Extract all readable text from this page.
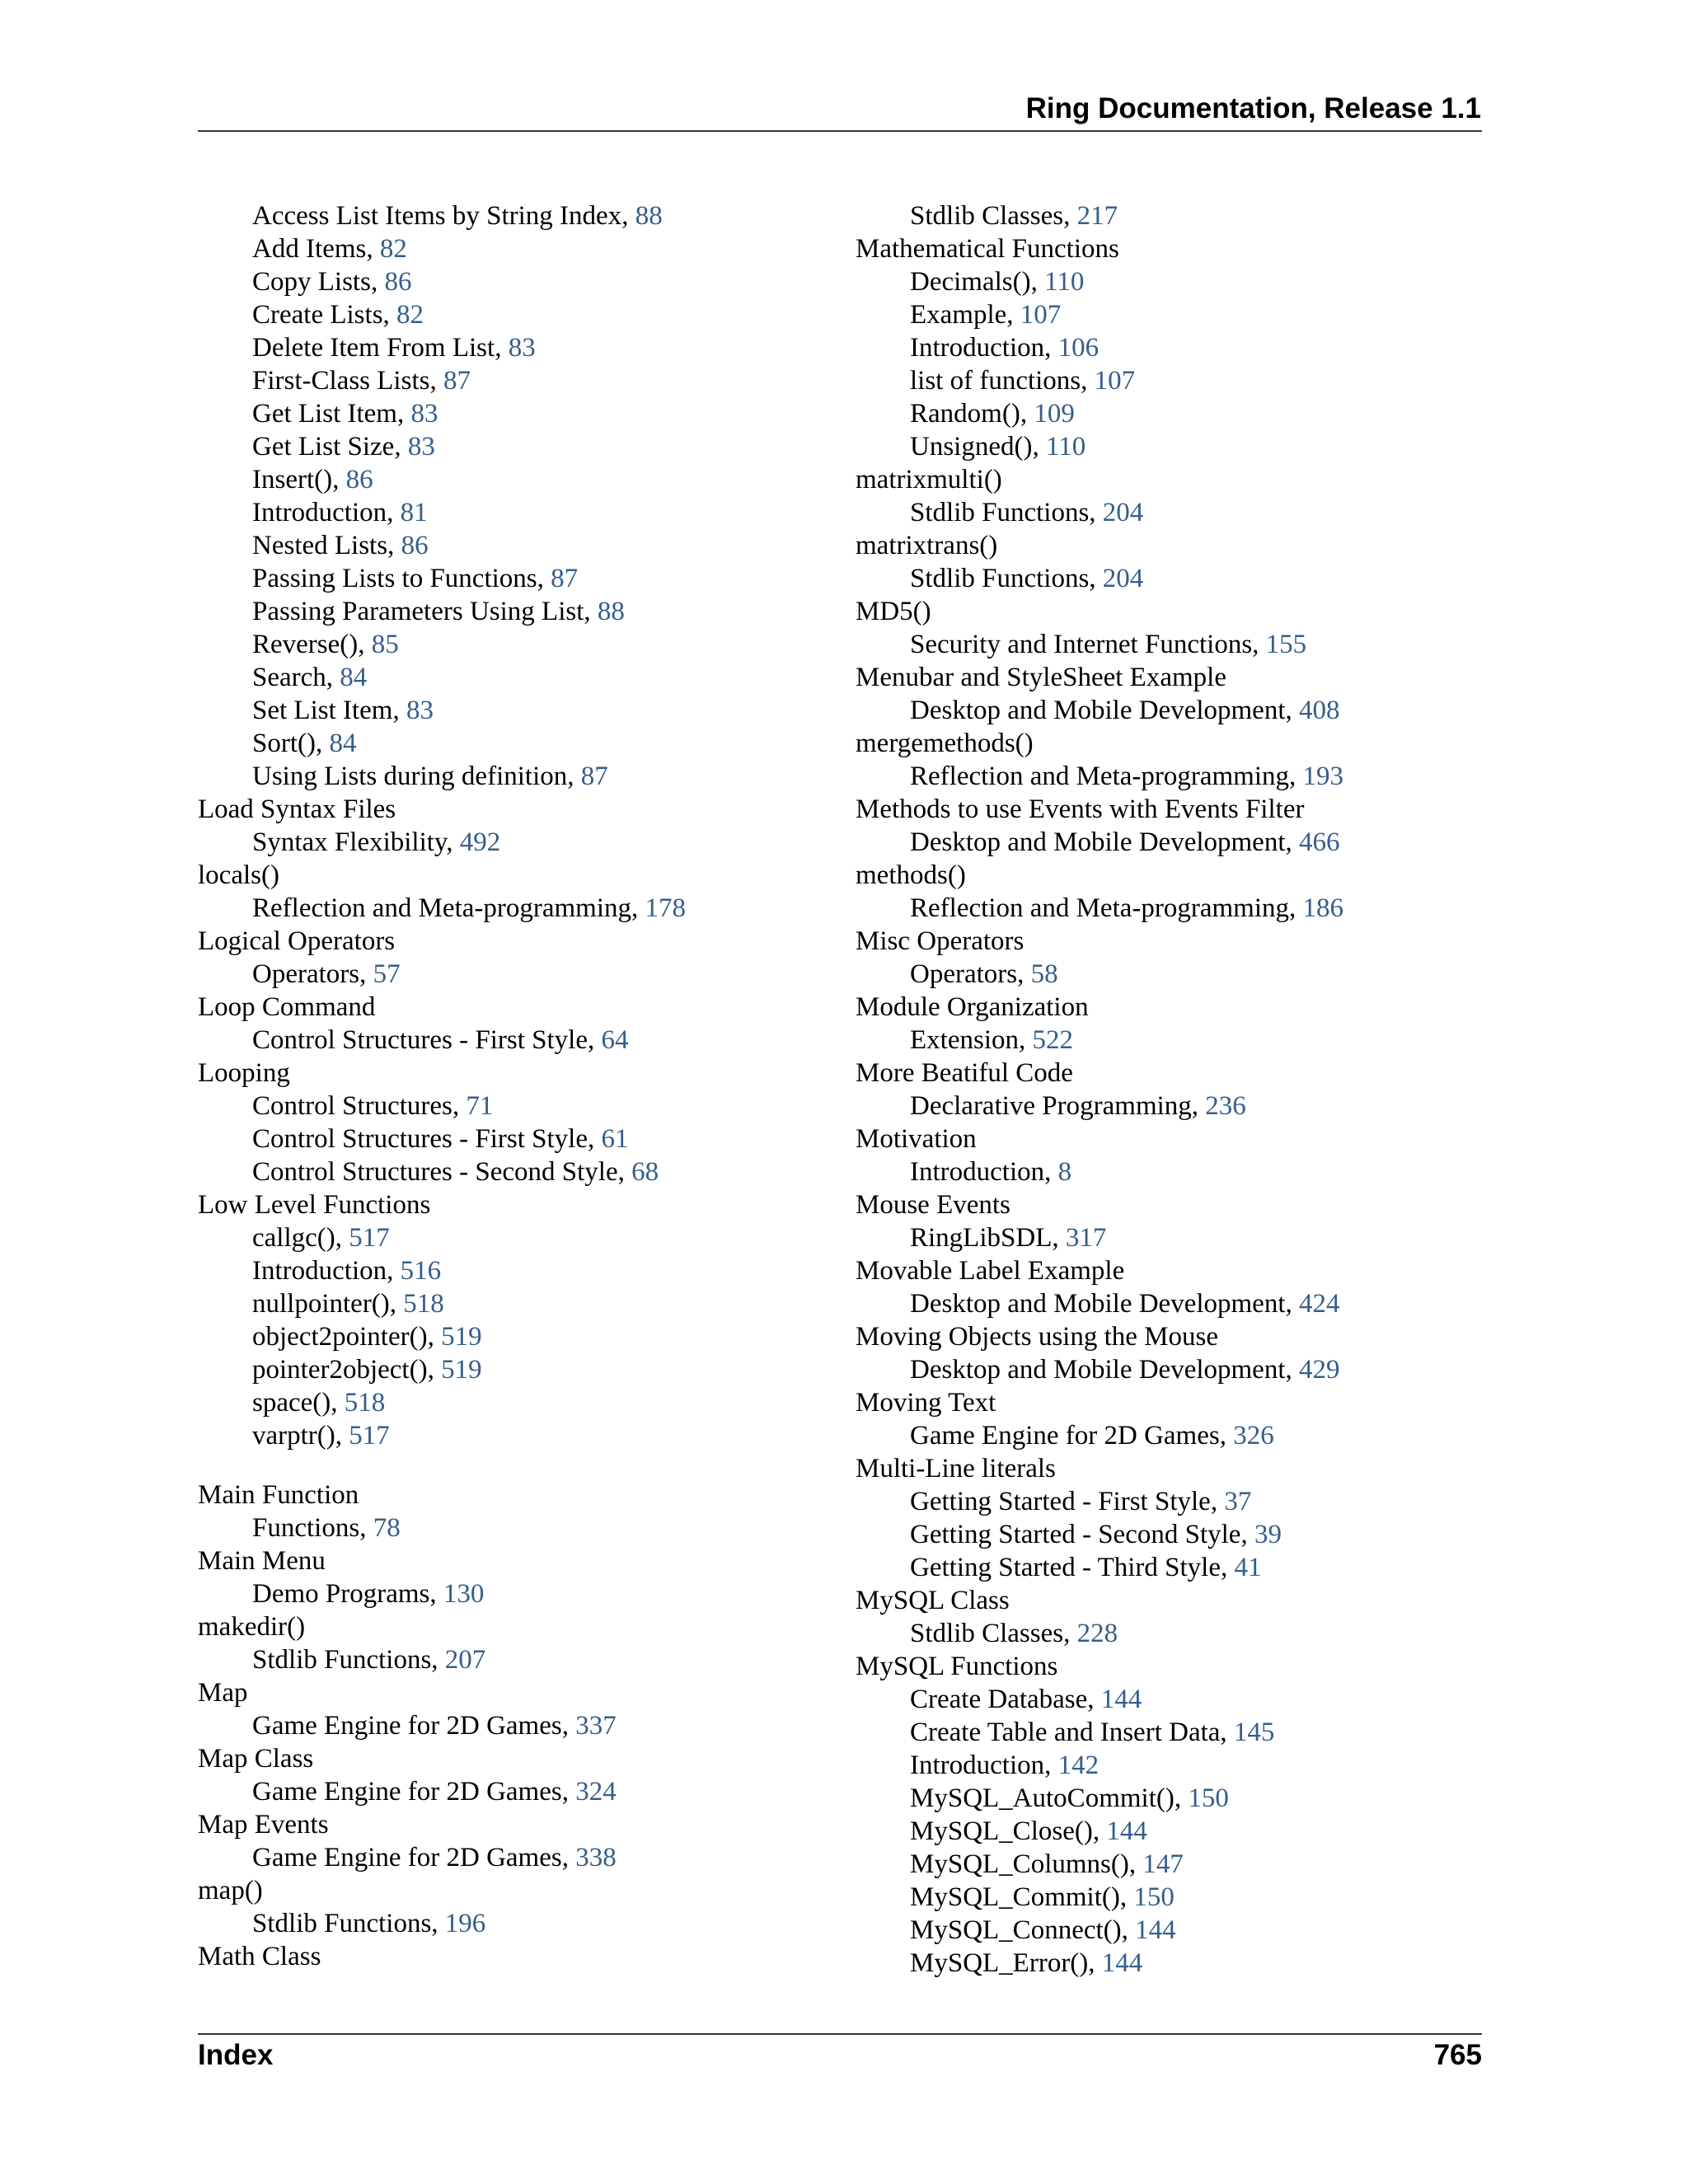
Ring Documentation, Release 1.1
Access List Items by String Index, 88
Add Items, 82
Copy Lists, 86
Create Lists, 82
Delete Item From List, 83
First-Class Lists, 87
Get List Item, 83
Get List Size, 83
Insert(), 86
Introduction, 81
Nested Lists, 86
Passing Lists to Functions, 87
Passing Parameters Using List, 88
Reverse(), 85
Search, 84
Set List Item, 83
Sort(), 84
Using Lists during definition, 87
Load Syntax Files
Syntax Flexibility, 492
locals()
Reflection and Meta-programming, 178
Logical Operators
Operators, 57
Loop Command
Control Structures - First Style, 64
Looping
Control Structures, 71
Control Structures - First Style, 61
Control Structures - Second Style, 68
Low Level Functions
callgc(), 517
Introduction, 516
nullpointer(), 518
object2pointer(), 519
pointer2object(), 519
space(), 518
varptr(), 517
Main Function
Functions, 78
Main Menu
Demo Programs, 130
makedir()
Stdlib Functions, 207
Map
Game Engine for 2D Games, 337
Map Class
Game Engine for 2D Games, 324
Map Events
Game Engine for 2D Games, 338
map()
Stdlib Functions, 196
Math Class
Stdlib Classes, 217
Mathematical Functions
Decimals(), 110
Example, 107
Introduction, 106
list of functions, 107
Random(), 109
Unsigned(), 110
matrixmulti()
Stdlib Functions, 204
matrixtrans()
Stdlib Functions, 204
MD5()
Security and Internet Functions, 155
Menubar and StyleSheet Example
Desktop and Mobile Development, 408
mergemethods()
Reflection and Meta-programming, 193
Methods to use Events with Events Filter
Desktop and Mobile Development, 466
methods()
Reflection and Meta-programming, 186
Misc Operators
Operators, 58
Module Organization
Extension, 522
More Beatiful Code
Declarative Programming, 236
Motivation
Introduction, 8
Mouse Events
RingLibSDL, 317
Movable Label Example
Desktop and Mobile Development, 424
Moving Objects using the Mouse
Desktop and Mobile Development, 429
Moving Text
Game Engine for 2D Games, 326
Multi-Line literals
Getting Started - First Style, 37
Getting Started - Second Style, 39
Getting Started - Third Style, 41
MySQL Class
Stdlib Classes, 228
MySQL Functions
Create Database, 144
Create Table and Insert Data, 145
Introduction, 142
MySQL_AutoCommit(), 150
MySQL_Close(), 144
MySQL_Columns(), 147
MySQL_Commit(), 150
MySQL_Connect(), 144
MySQL_Error(), 144
Index	765
